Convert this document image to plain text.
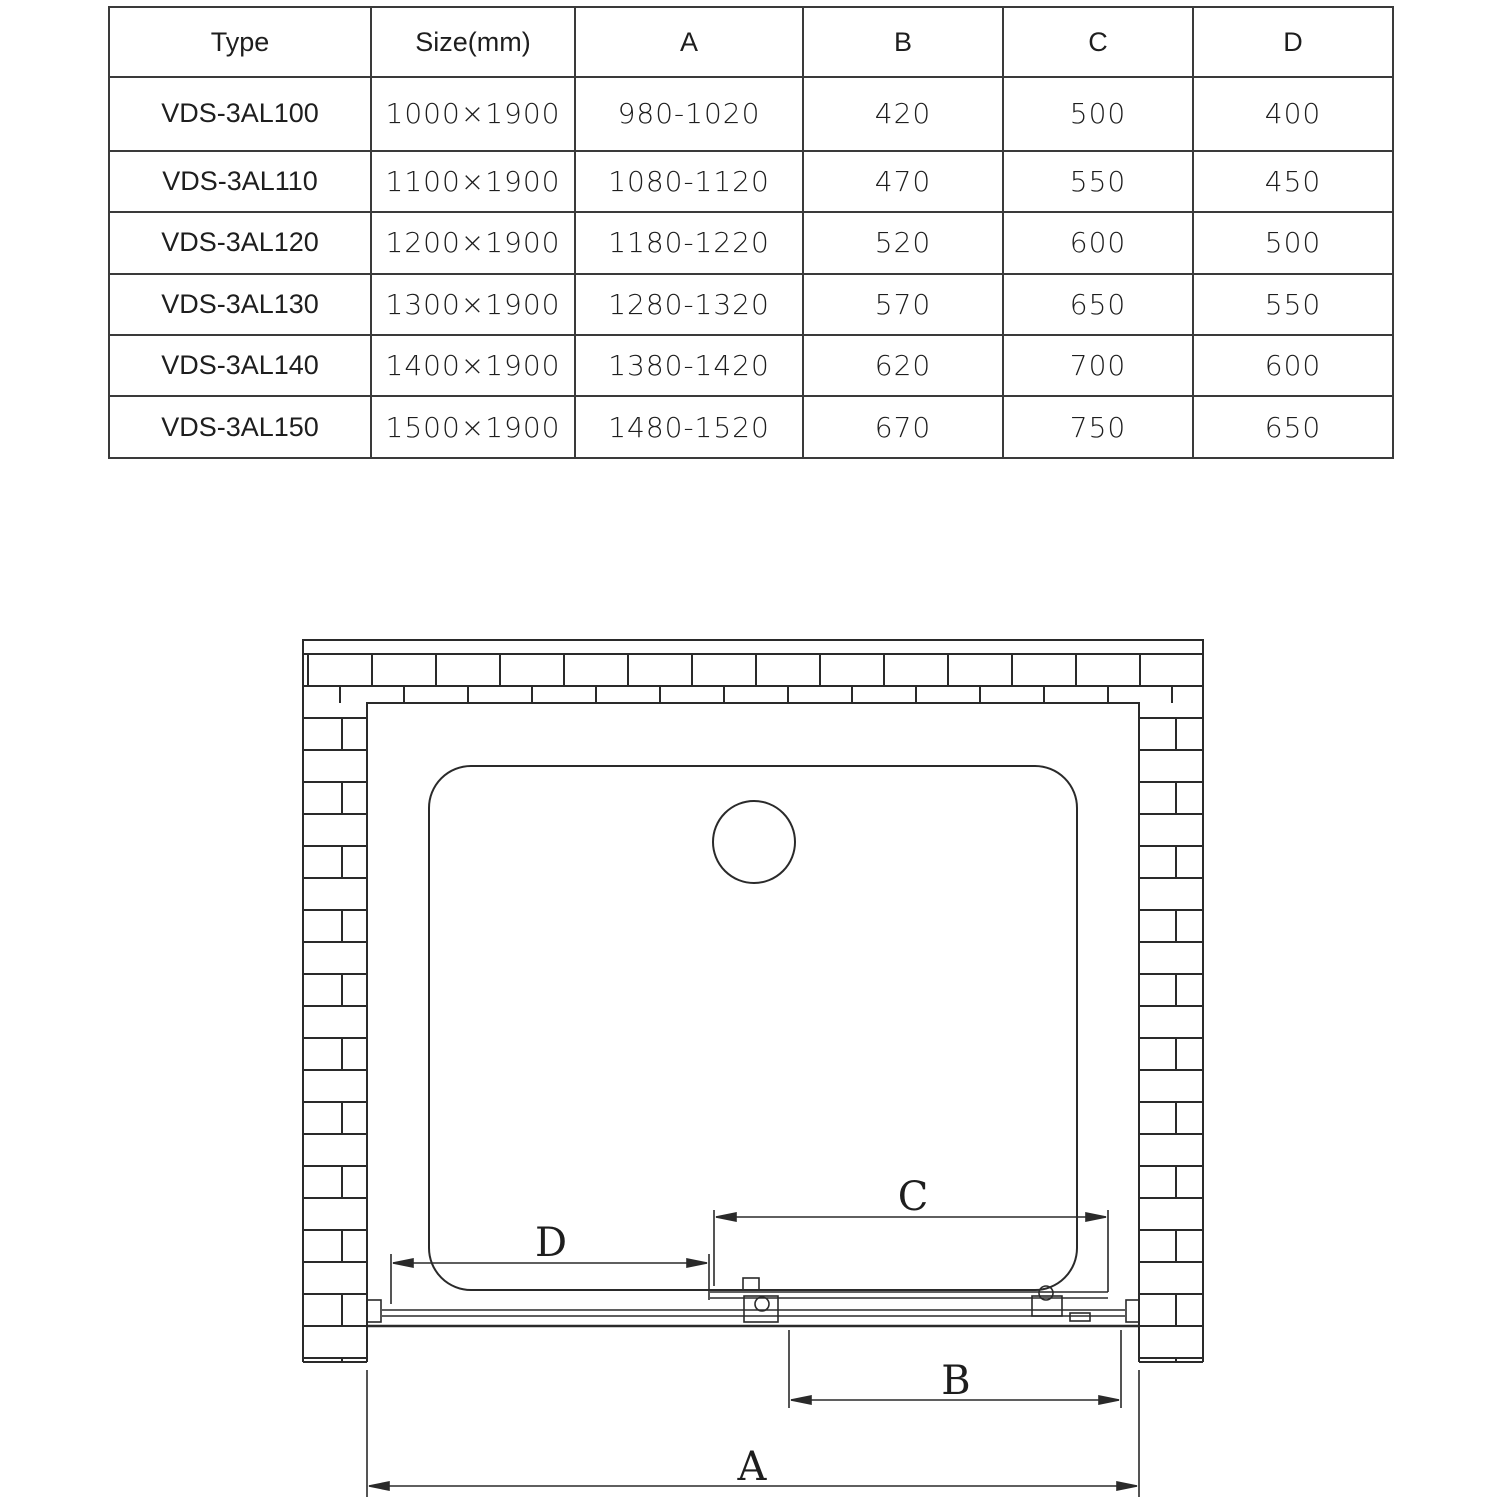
Type	Size(mm)	A	B	C	D
VDS-3AL100	1000×1900	980-1020	420	500	400
VDS-3AL110	1100×1900	1080-1120	470	550	450
VDS-3AL120	1200×1900	1180-1220	520	600	500
VDS-3AL130	1300×1900	1280-1320	570	650	550
VDS-3AL140	1400×1900	1380-1420	620	700	600
VDS-3AL150	1500×1900	1480-1520	670	750	650
A
B
C
D
